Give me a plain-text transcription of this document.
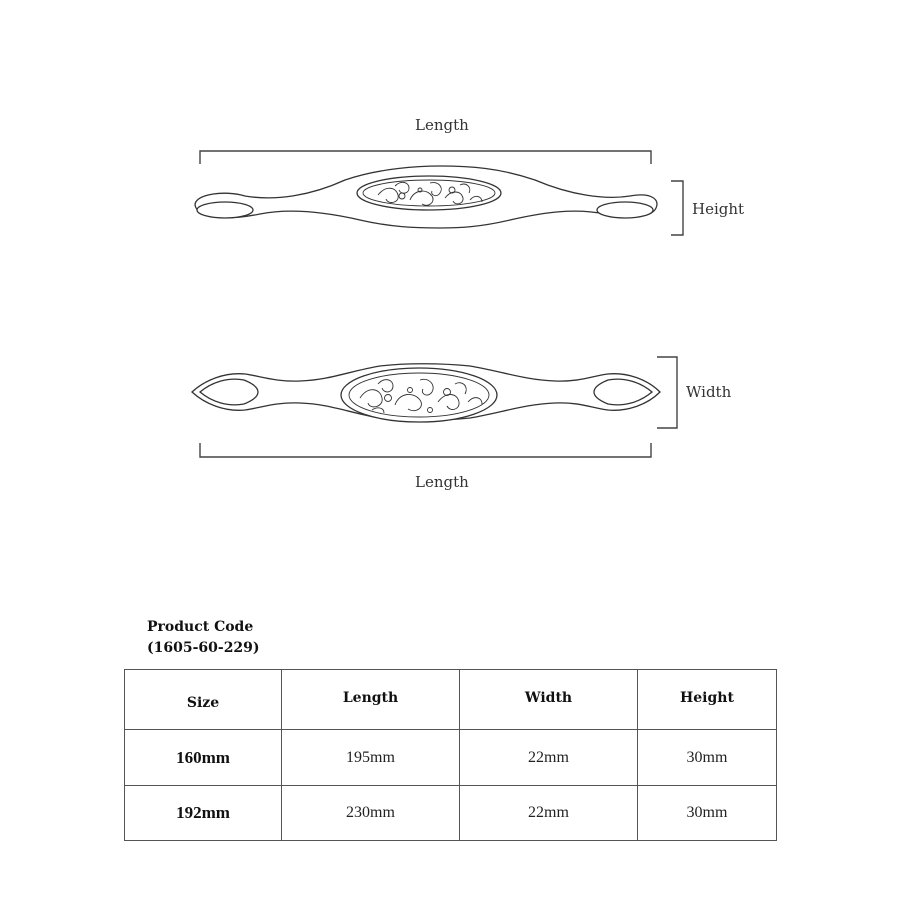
Length
Height
Width
Length
Product Code
(1605-60-229)
Size	Length	Width	Height
160mm	195mm	22mm	30mm
192mm	230mm	22mm	30mm
